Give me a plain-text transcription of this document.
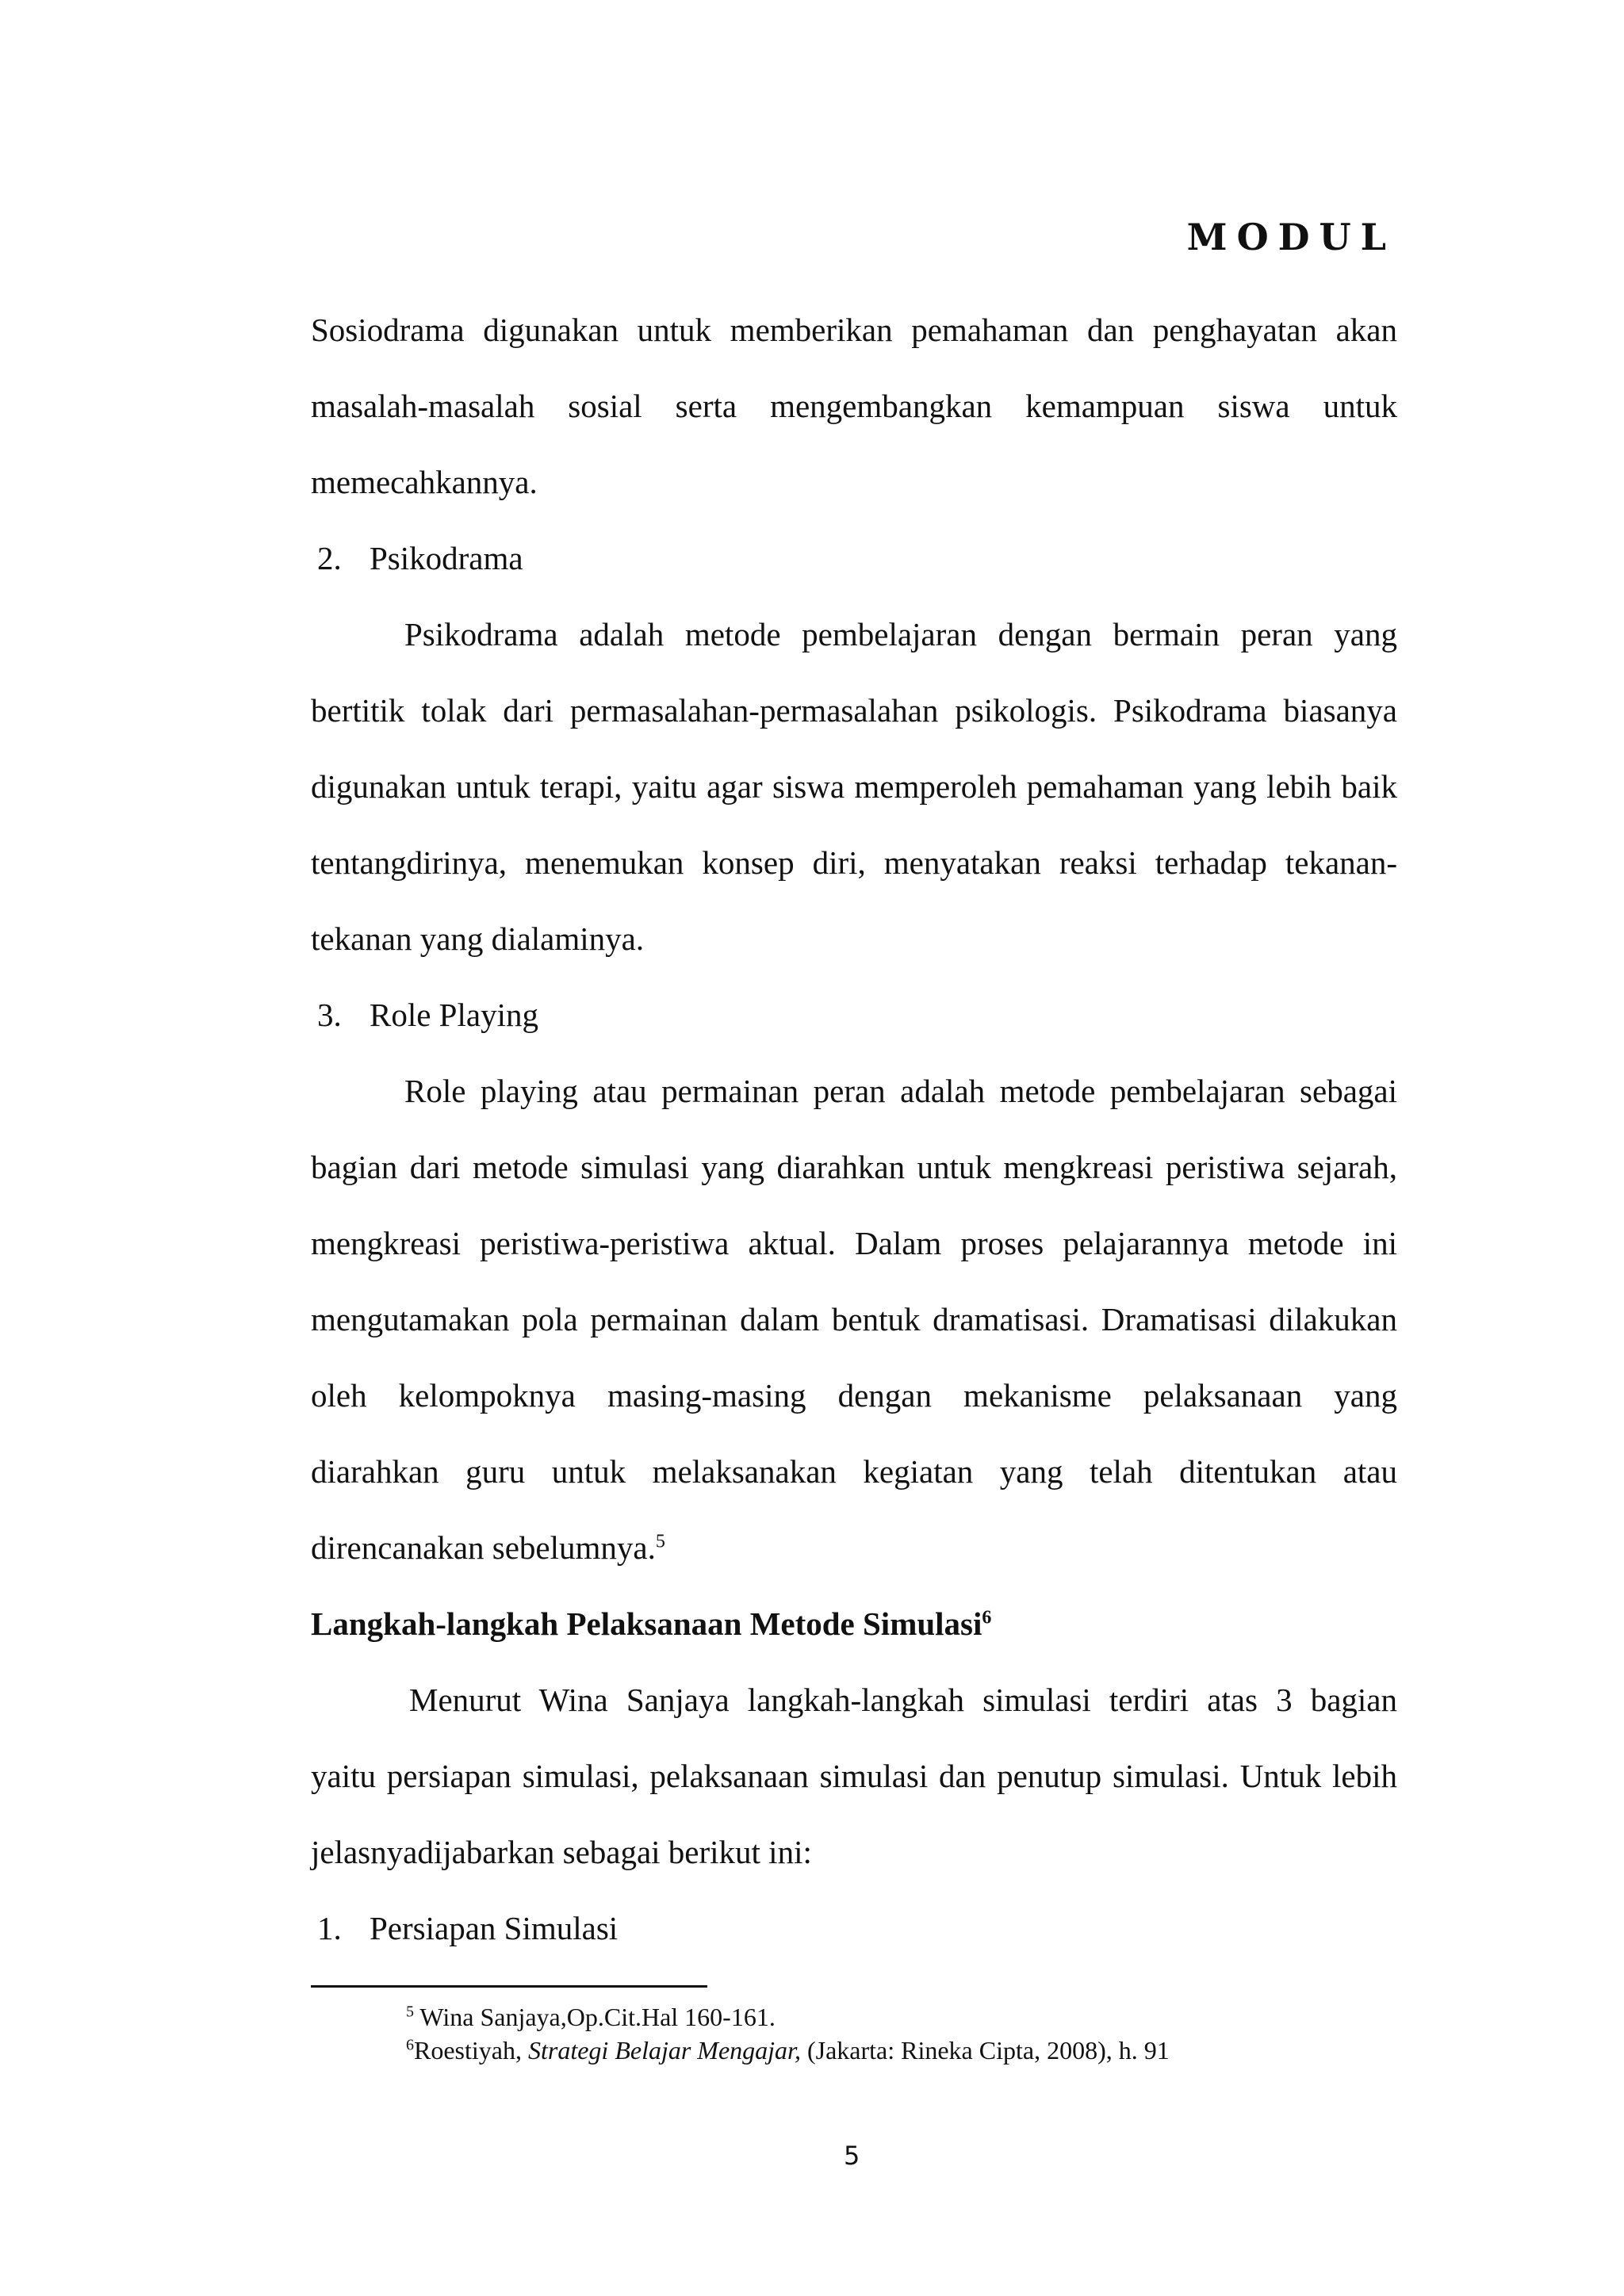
MODUL
Sosiodrama digunakan untuk memberikan pemahaman dan penghayatan akan
masalah-masalah sosial serta mengembangkan kemampuan siswa untuk
memecahkannya.
2. Psikodrama
Psikodrama adalah metode pembelajaran dengan bermain peran yang
bertitik tolak dari permasalahan-permasalahan psikologis. Psikodrama biasanya
digunakan untuk terapi, yaitu agar siswa memperoleh pemahaman yang lebih baik
tentangdirinya, menemukan konsep diri, menyatakan reaksi terhadap tekanan-
tekanan yang dialaminya.
3. Role Playing
Role playing atau permainan peran adalah metode pembelajaran sebagai
bagian dari metode simulasi yang diarahkan untuk mengkreasi peristiwa sejarah,
mengkreasi peristiwa-peristiwa aktual. Dalam proses pelajarannya metode ini
mengutamakan pola permainan dalam bentuk dramatisasi. Dramatisasi dilakukan
oleh kelompoknya masing-masing dengan mekanisme pelaksanaan yang
diarahkan guru untuk melaksanakan kegiatan yang telah ditentukan atau
direncanakan sebelumnya.$^5$
Langkah-langkah Pelaksanaan Metode Simulasi$^6$
Menurut Wina Sanjaya langkah-langkah simulasi terdiri atas 3 bagian
yaitu persiapan simulasi, pelaksanaan simulasi dan penutup simulasi. Untuk lebih
jelasnyadijabarkan sebagai berikut ini:
1. Persiapan Simulasi
$^5$ Wina Sanjaya,Op.Cit.Hal 160-161.
$^6$Roestiyah, Strategi Belajar Mengajar, (Jakarta: Rineka Cipta, 2008), h. 91
5
